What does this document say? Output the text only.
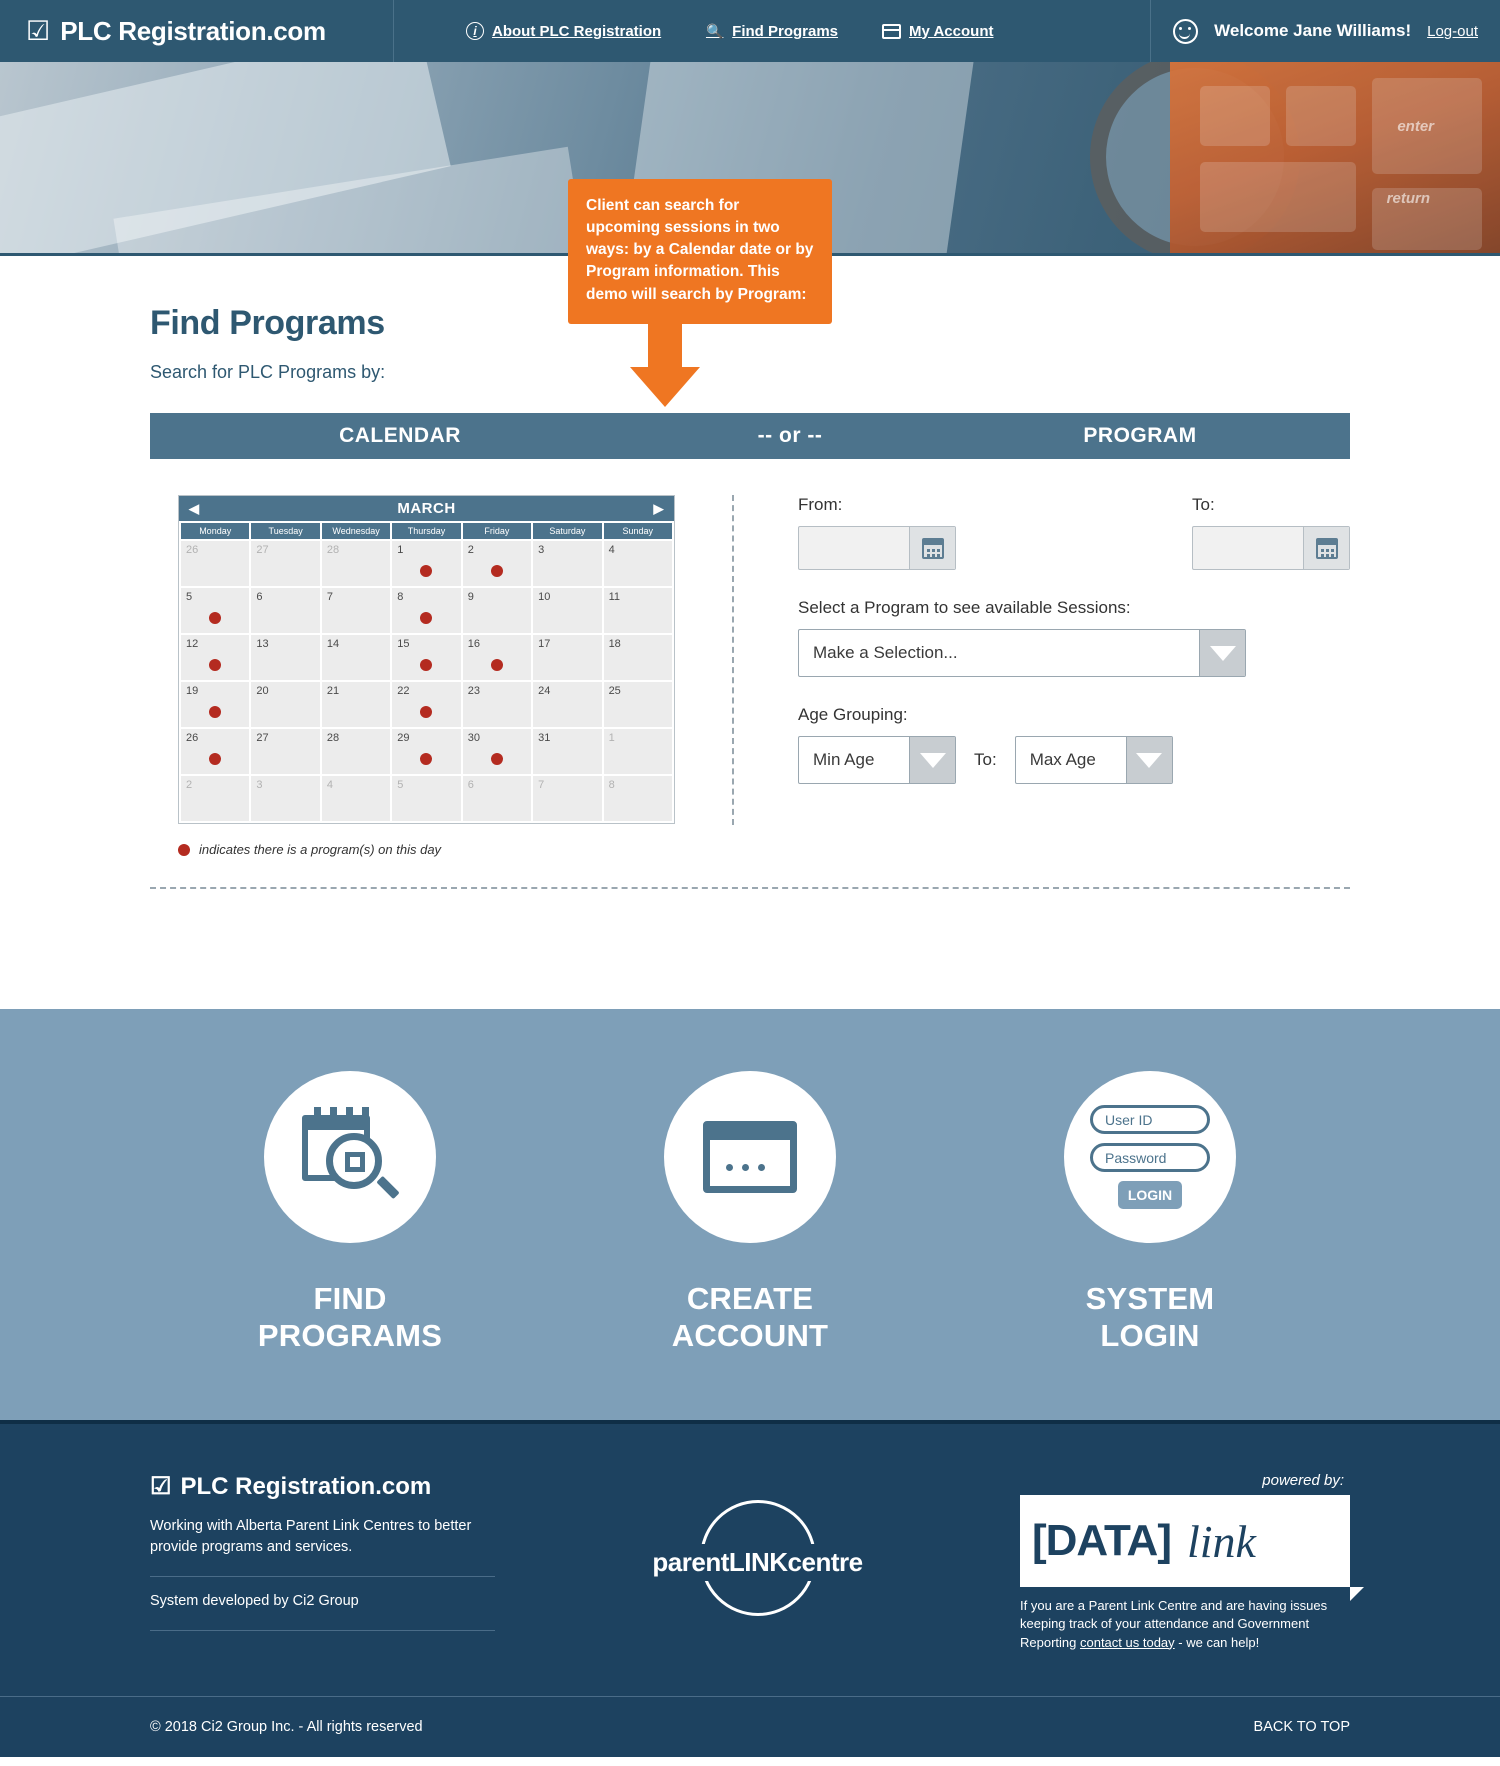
☑ PLC Registration.com	i	About PLC Registration	🔍 Find Programs	My Account	Welcome Jane Williams! Log-out
enter
return
Find Programs
Search for PLC Programs by:
Client can search for upcoming sessions in two ways: by a Calendar date or by Program information. This demo will search by Program:
CALENDAR	-- or --	PROGRAM
◀	MARCH	▶
Monday	Tuesday	Wednesday	Thursday	Friday	Saturday	Sunday
26	27	28	1	2	3	4
5	6	7	8	9	10	11
12	13	14	15	16	17	18
19	20	21	22	23	24	25
26	27	28	29	30	31	1
2	3	4	5	6	7	8
indicates there is a program(s) on this day
From:	To:
Select a Program to see available Sessions:
Make a Selection...
Age Grouping:
Min Age	To:	Max Age
FIND
PROGRAMS
CREATE
ACCOUNT
User ID
Password
LOGIN
SYSTEM
LOGIN
☑ PLC Registration.com
Working with Alberta Parent Link Centres to better provide programs and services.
System developed by Ci2 Group
parentLINKcentre
powered by:
[DATA] link
If you are a Parent Link Centre and are having issues keeping track of your attendance and Government Reporting contact us today - we can help!
© 2018 Ci2 Group Inc. - All rights reserved	BACK TO TOP
